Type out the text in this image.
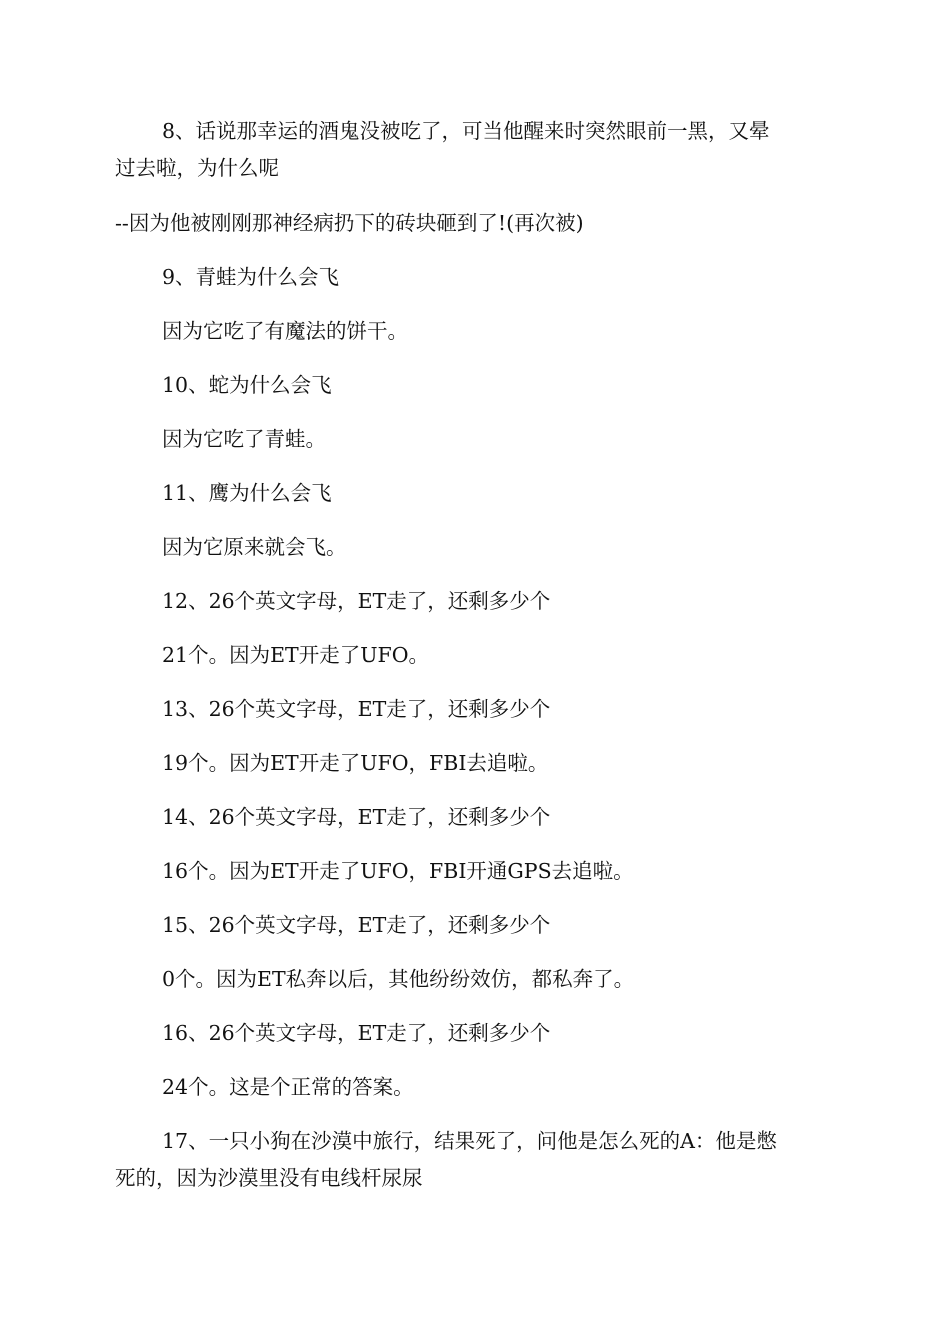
8、话说那幸运的酒鬼没被吃了，可当他醒来时突然眼前一黑，又晕
过去啦，为什么呢
--因为他被刚刚那神经病扔下的砖块砸到了!(再次被)
9、青蛙为什么会飞
因为它吃了有魔法的饼干。
10、蛇为什么会飞
因为它吃了青蛙。
11、鹰为什么会飞
因为它原来就会飞。
12、26个英文字母，ET走了，还剩多少个
21个。因为ET开走了UFO。
13、26个英文字母，ET走了，还剩多少个
19个。因为ET开走了UFO，FBI去追啦。
14、26个英文字母，ET走了，还剩多少个
16个。因为ET开走了UFO，FBI开通GPS去追啦。
15、26个英文字母，ET走了，还剩多少个
0个。因为ET私奔以后，其他纷纷效仿，都私奔了。
16、26个英文字母，ET走了，还剩多少个
24个。这是个正常的答案。
17、一只小狗在沙漠中旅行，结果死了，问他是怎么死的A：他是憋
死的，因为沙漠里没有电线杆尿尿
